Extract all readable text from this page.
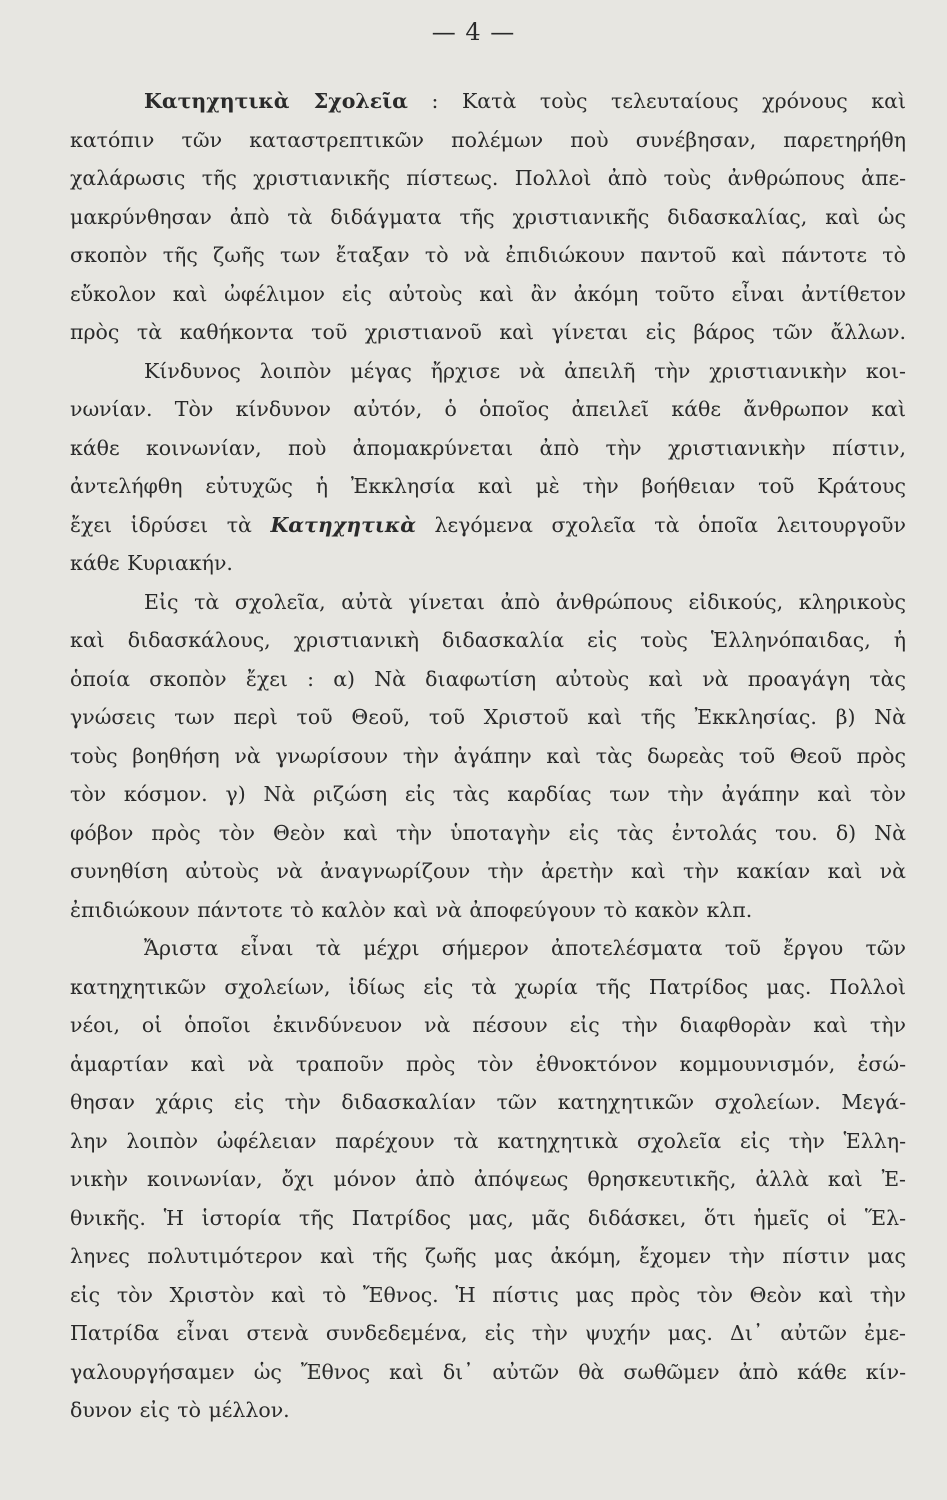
— 4 —
Κατηχητικὰ Σχολεῖα : Κατὰ τοὺς τελευταίους χρόνους καὶ
κατόπιν τῶν καταστρεπτικῶν πολέμων ποὺ συνέβησαν, παρετηρήθη
χαλάρωσις τῆς χριστιανικῆς πίστεως. Πολλοὶ ἀπὸ τοὺς ἀνθρώπους ἀπε-
μακρύνθησαν ἀπὸ τὰ διδάγματα τῆς χριστιανικῆς διδασκαλίας, καὶ ὡς
σκοπὸν τῆς ζωῆς των ἔταξαν τὸ νὰ ἐπιδιώκουν παντοῦ καὶ πάντοτε τὸ
εὔκολον καὶ ὠφέλιμον εἰς αὐτοὺς καὶ ἂν ἀκόμη τοῦτο εἶναι ἀντίθετον
πρὸς τὰ καθήκοντα τοῦ χριστιανοῦ καὶ γίνεται εἰς βάρος τῶν ἄλλων.
Κίνδυνος λοιπὸν μέγας ἤρχισε νὰ ἀπειλῆ τὴν χριστιανικὴν κοι-
νωνίαν. Τὸν κίνδυνον αὐτόν, ὁ ὁποῖος ἀπειλεῖ κάθε ἄνθρωπον καὶ
κάθε κοινωνίαν, ποὺ ἀπομακρύνεται ἀπὸ τὴν χριστιανικὴν πίστιν,
ἀντελήφθη εὐτυχῶς ἡ Ἐκκλησία καὶ μὲ τὴν βοήθειαν τοῦ Κράτους
ἔχει ἱδρύσει τὰ Κατηχητικὰ λεγόμενα σχολεῖα τὰ ὁποῖα λειτουργοῦν
κάθε Κυριακήν.
Εἰς τὰ σχολεῖα, αὐτὰ γίνεται ἀπὸ ἀνθρώπους εἰδικούς, κληρικοὺς
καὶ διδασκάλους, χριστιανικὴ διδασκαλία εἰς τοὺς Ἑλληνόπαιδας, ἡ
ὁποία σκοπὸν ἔχει : α) Νὰ διαφωτίση αὐτοὺς καὶ νὰ προαγάγη τὰς
γνώσεις των περὶ τοῦ Θεοῦ, τοῦ Χριστοῦ καὶ τῆς Ἐκκλησίας. β) Νὰ
τοὺς βοηθήση νὰ γνωρίσουν τὴν ἀγάπην καὶ τὰς δωρεὰς τοῦ Θεοῦ πρὸς
τὸν κόσμον. γ) Νὰ ριζώση εἰς τὰς καρδίας των τὴν ἀγάπην καὶ τὸν
φόβον πρὸς τὸν Θεὸν καὶ τὴν ὑποταγὴν εἰς τὰς ἐντολάς του. δ) Νὰ
συνηθίση αὐτοὺς νὰ ἀναγνωρίζουν τὴν ἀρετὴν καὶ τὴν κακίαν καὶ νὰ
ἐπιδιώκουν πάντοτε τὸ καλὸν καὶ νὰ ἀποφεύγουν τὸ κακὸν κλπ.
Ἄριστα εἶναι τὰ μέχρι σήμερον ἀποτελέσματα τοῦ ἔργου τῶν
κατηχητικῶν σχολείων, ἰδίως εἰς τὰ χωρία τῆς Πατρίδος μας. Πολλοὶ
νέοι, οἱ ὁποῖοι ἐκινδύνευον νὰ πέσουν εἰς τὴν διαφθορὰν καὶ τὴν
ἁμαρτίαν καὶ νὰ τραποῦν πρὸς τὸν ἐθνοκτόνον κομμουνισμόν, ἐσώ-
θησαν χάρις εἰς τὴν διδασκαλίαν τῶν κατηχητικῶν σχολείων. Μεγά-
λην λοιπὸν ὠφέλειαν παρέχουν τὰ κατηχητικὰ σχολεῖα εἰς τὴν Ἑλλη-
νικὴν κοινωνίαν, ὄχι μόνον ἀπὸ ἀπόψεως θρησκευτικῆς, ἀλλὰ καὶ Ἐ-
θνικῆς. Ἡ ἱστορία τῆς Πατρίδος μας, μᾶς διδάσκει, ὅτι ἡμεῖς οἱ Ἕλ-
ληνες πολυτιμότερον καὶ τῆς ζωῆς μας ἀκόμη, ἔχομεν τὴν πίστιν μας
εἰς τὸν Χριστὸν καὶ τὸ Ἔθνος. Ἡ πίστις μας πρὸς τὸν Θεὸν καὶ τὴν
Πατρίδα εἶναι στενὰ συνδεδεμένα, εἰς τὴν ψυχήν μας. Δι᾽ αὐτῶν ἐμε-
γαλουργήσαμεν ὡς Ἔθνος καὶ δι᾽ αὐτῶν θὰ σωθῶμεν ἀπὸ κάθε κίν-
δυνον εἰς τὸ μέλλον.
